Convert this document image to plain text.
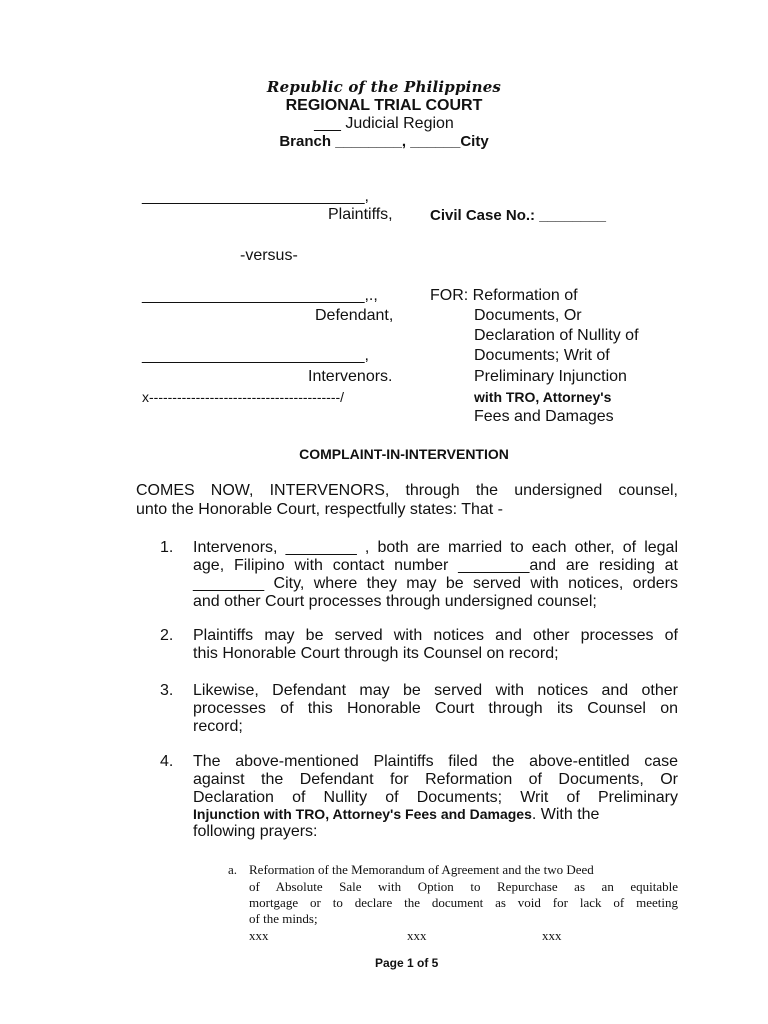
Republic of the Philippines
REGIONAL TRIAL COURT
___ Judicial Region
Branch ________, ______City
_________________________,
Plaintiffs,
-versus-
_________________________,.,
Defendant,
_________________________,
Intervenors.
x-----------------------------------------/
Civil Case No.: ________
FOR: Reformation of
Documents, Or
Declaration of Nullity of
Documents; Writ of
Preliminary Injunction
with TRO, Attorney's
Fees and Damages
COMPLAINT-IN-INTERVENTION
COMES NOW, INTERVENORS, through the undersigned counsel,
unto the Honorable Court, respectfully states: That -
1. Intervenors, ________ , both are married to each other, of legal
age, Filipino with contact number ________and are residing at
________ City, where they may be served with notices, orders
and other Court processes through undersigned counsel;
2. Plaintiffs may be served with notices and other processes of
this Honorable Court through its Counsel on record;
3. Likewise, Defendant may be served with notices and other
processes of this Honorable Court through its Counsel on
record;
4. The above-mentioned Plaintiffs filed the above-entitled case
against the Defendant for Reformation of Documents, Or
Declaration of Nullity of Documents; Writ of Preliminary
Injunction with TRO, Attorney's Fees and Damages. With the
following prayers:
a. Reformation of the Memorandum of Agreement and the two Deed
of Absolute Sale with Option to Repurchase as an equitable
mortgage or to declare the document as void for lack of meeting
of the minds;
xxx	xxx	xxx
Page 1 of 5
